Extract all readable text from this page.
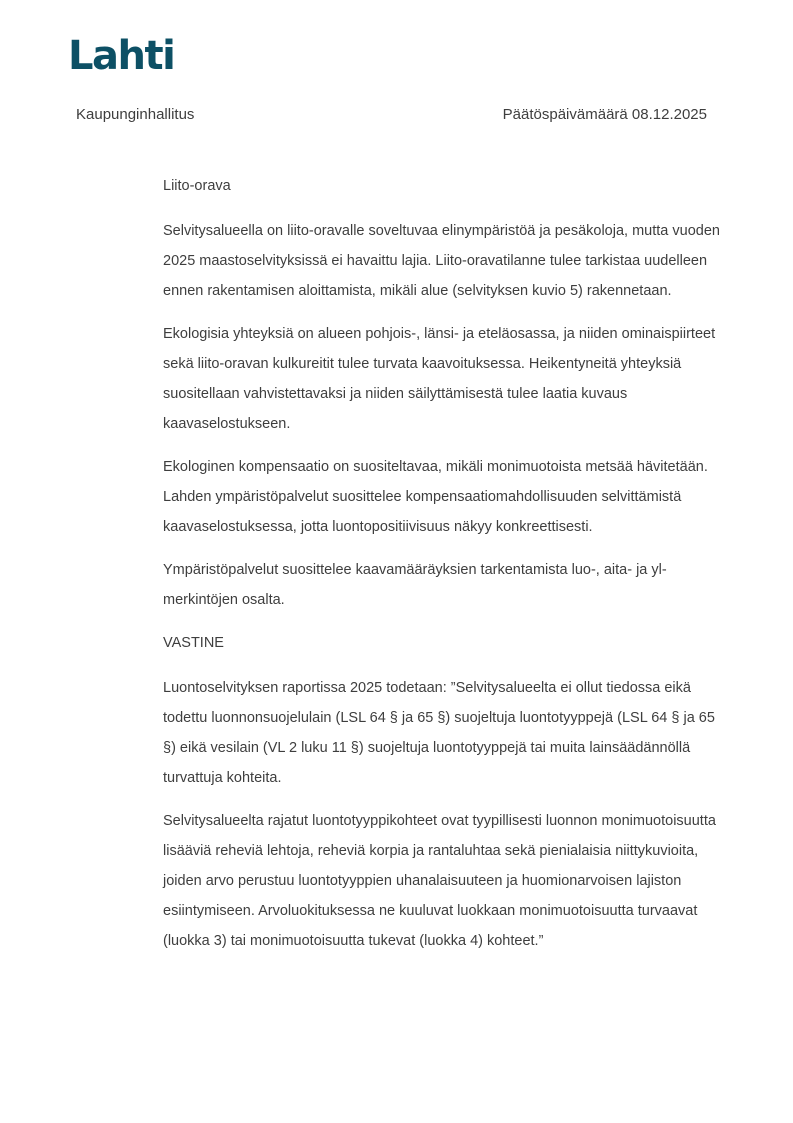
Lahti
Kaupunginhallitus	Päätöspäivämäärä 08.12.2025

Liito-orava

Selvitysalueella on liito-oravalle soveltuvaa elinympäristöä ja pesäkoloja, mutta vuoden 2025 maastoselvityksissä ei havaittu lajia. Liito-oravatilanne tulee tarkistaa uudelleen ennen rakentamisen aloittamista, mikäli alue (selvityksen kuvio 5) rakennetaan.

Ekologisia yhteyksiä on alueen pohjois-, länsi- ja eteläosassa, ja niiden ominaispiirteet sekä liito-oravan kulkureitit tulee turvata kaavoituksessa. Heikentyneitä yhteyksiä suositellaan vahvistettavaksi ja niiden säilyttämisestä tulee laatia kuvaus kaavaselostukseen.

Ekologinen kompensaatio on suositeltavaa, mikäli monimuotoista metsää hävitetään. Lahden ympäristöpalvelut suosittelee kompensaatiomahdollisuuden selvittämistä kaavaselostuksessa, jotta luontopositiivisuus näkyy konkreettisesti.

Ympäristöpalvelut suosittelee kaavamääräyksien tarkentamista luo-, aita- ja yl-merkintöjen osalta.

VASTINE

Luontoselvityksen raportissa 2025 todetaan: ”Selvitysalueelta ei ollut tiedossa eikä todettu luonnonsuojelulain (LSL 64 § ja 65 §) suojeltuja luontotyyppejä (LSL 64 § ja 65 §) eikä vesilain (VL 2 luku 11 §) suojeltuja luontotyyppejä tai muita lainsäädännöllä turvattuja kohteita.

Selvitysalueelta rajatut luontotyyppikohteet ovat tyypillisesti luonnon monimuotoisuutta lisääviä reheviä lehtoja, reheviä korpia ja rantaluhtaa sekä pienialaisia niittykuvioita, joiden arvo perustuu luontotyyppien uhanalaisuuteen ja huomionarvoisen lajiston esiintymiseen. Arvoluokituksessa ne kuuluvat luokkaan monimuotoisuutta turvaavat (luokka 3) tai monimuotoisuutta tukevat (luokka 4) kohteet.”
